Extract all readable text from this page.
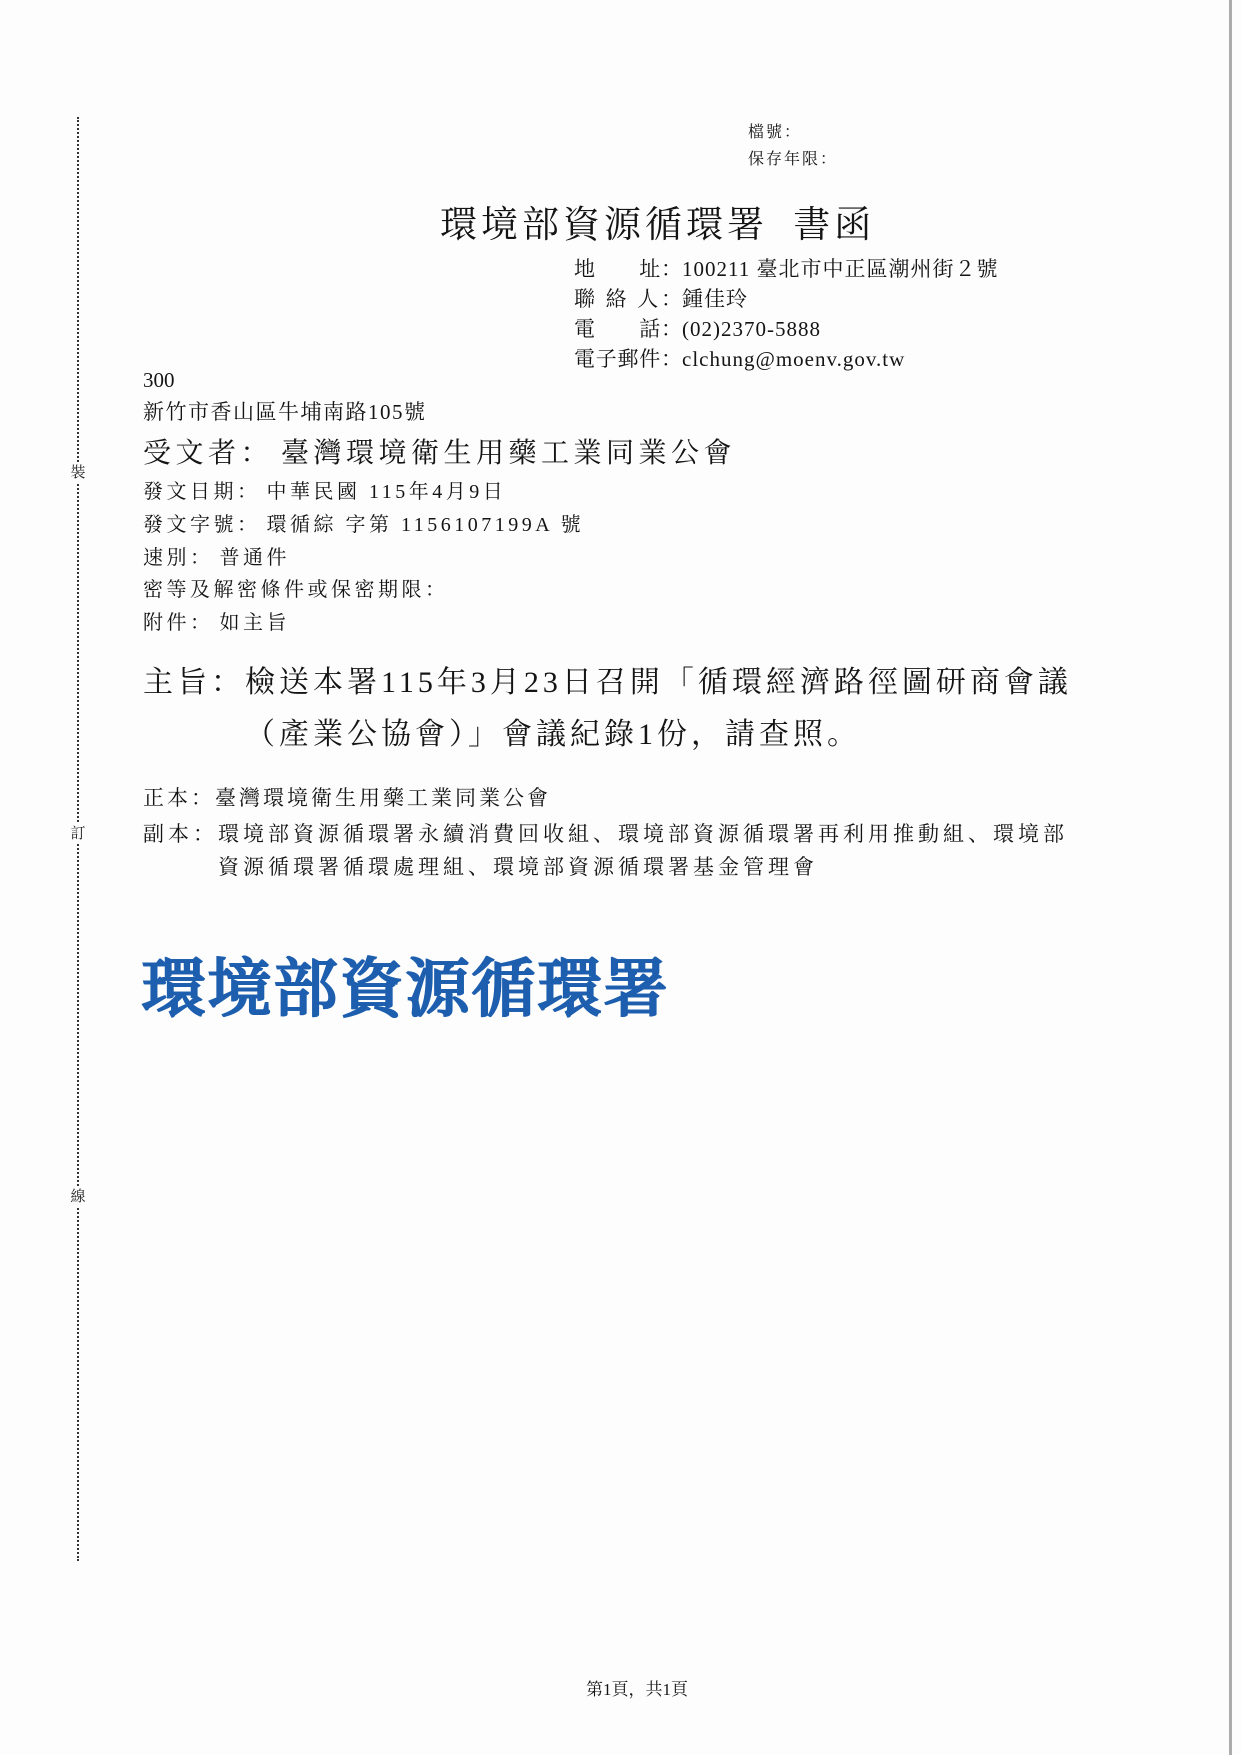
裝
訂
線
檔號：
保存年限：
環境部資源循環署 書函
地　　址：100211 臺北市中正區潮州街２號
聯 絡 人：鍾佳玲
電　　話：(02)2370-5888
電子郵件：clchung@moenv.gov.tw
300
新竹市香山區牛埔南路105號
受文者： 臺灣環境衛生用藥工業同業公會
發文日期： 中華民國 115年4月9日
發文字號： 環循綜 字第 1156107199A 號
速別： 普通件
密等及解密條件或保密期限：
附件： 如主旨
主旨： 檢送本署115年3月23日召開「循環經濟路徑圖研商會議
（產業公協會）」會議紀錄1份，請查照。
正本：臺灣環境衛生用藥工業同業公會
副本： 環境部資源循環署永續消費回收組、環境部資源循環署再利用推動組、環境部
資源循環署循環處理組、環境部資源循環署基金管理會
環境部資源循環署
第1頁，共1頁
